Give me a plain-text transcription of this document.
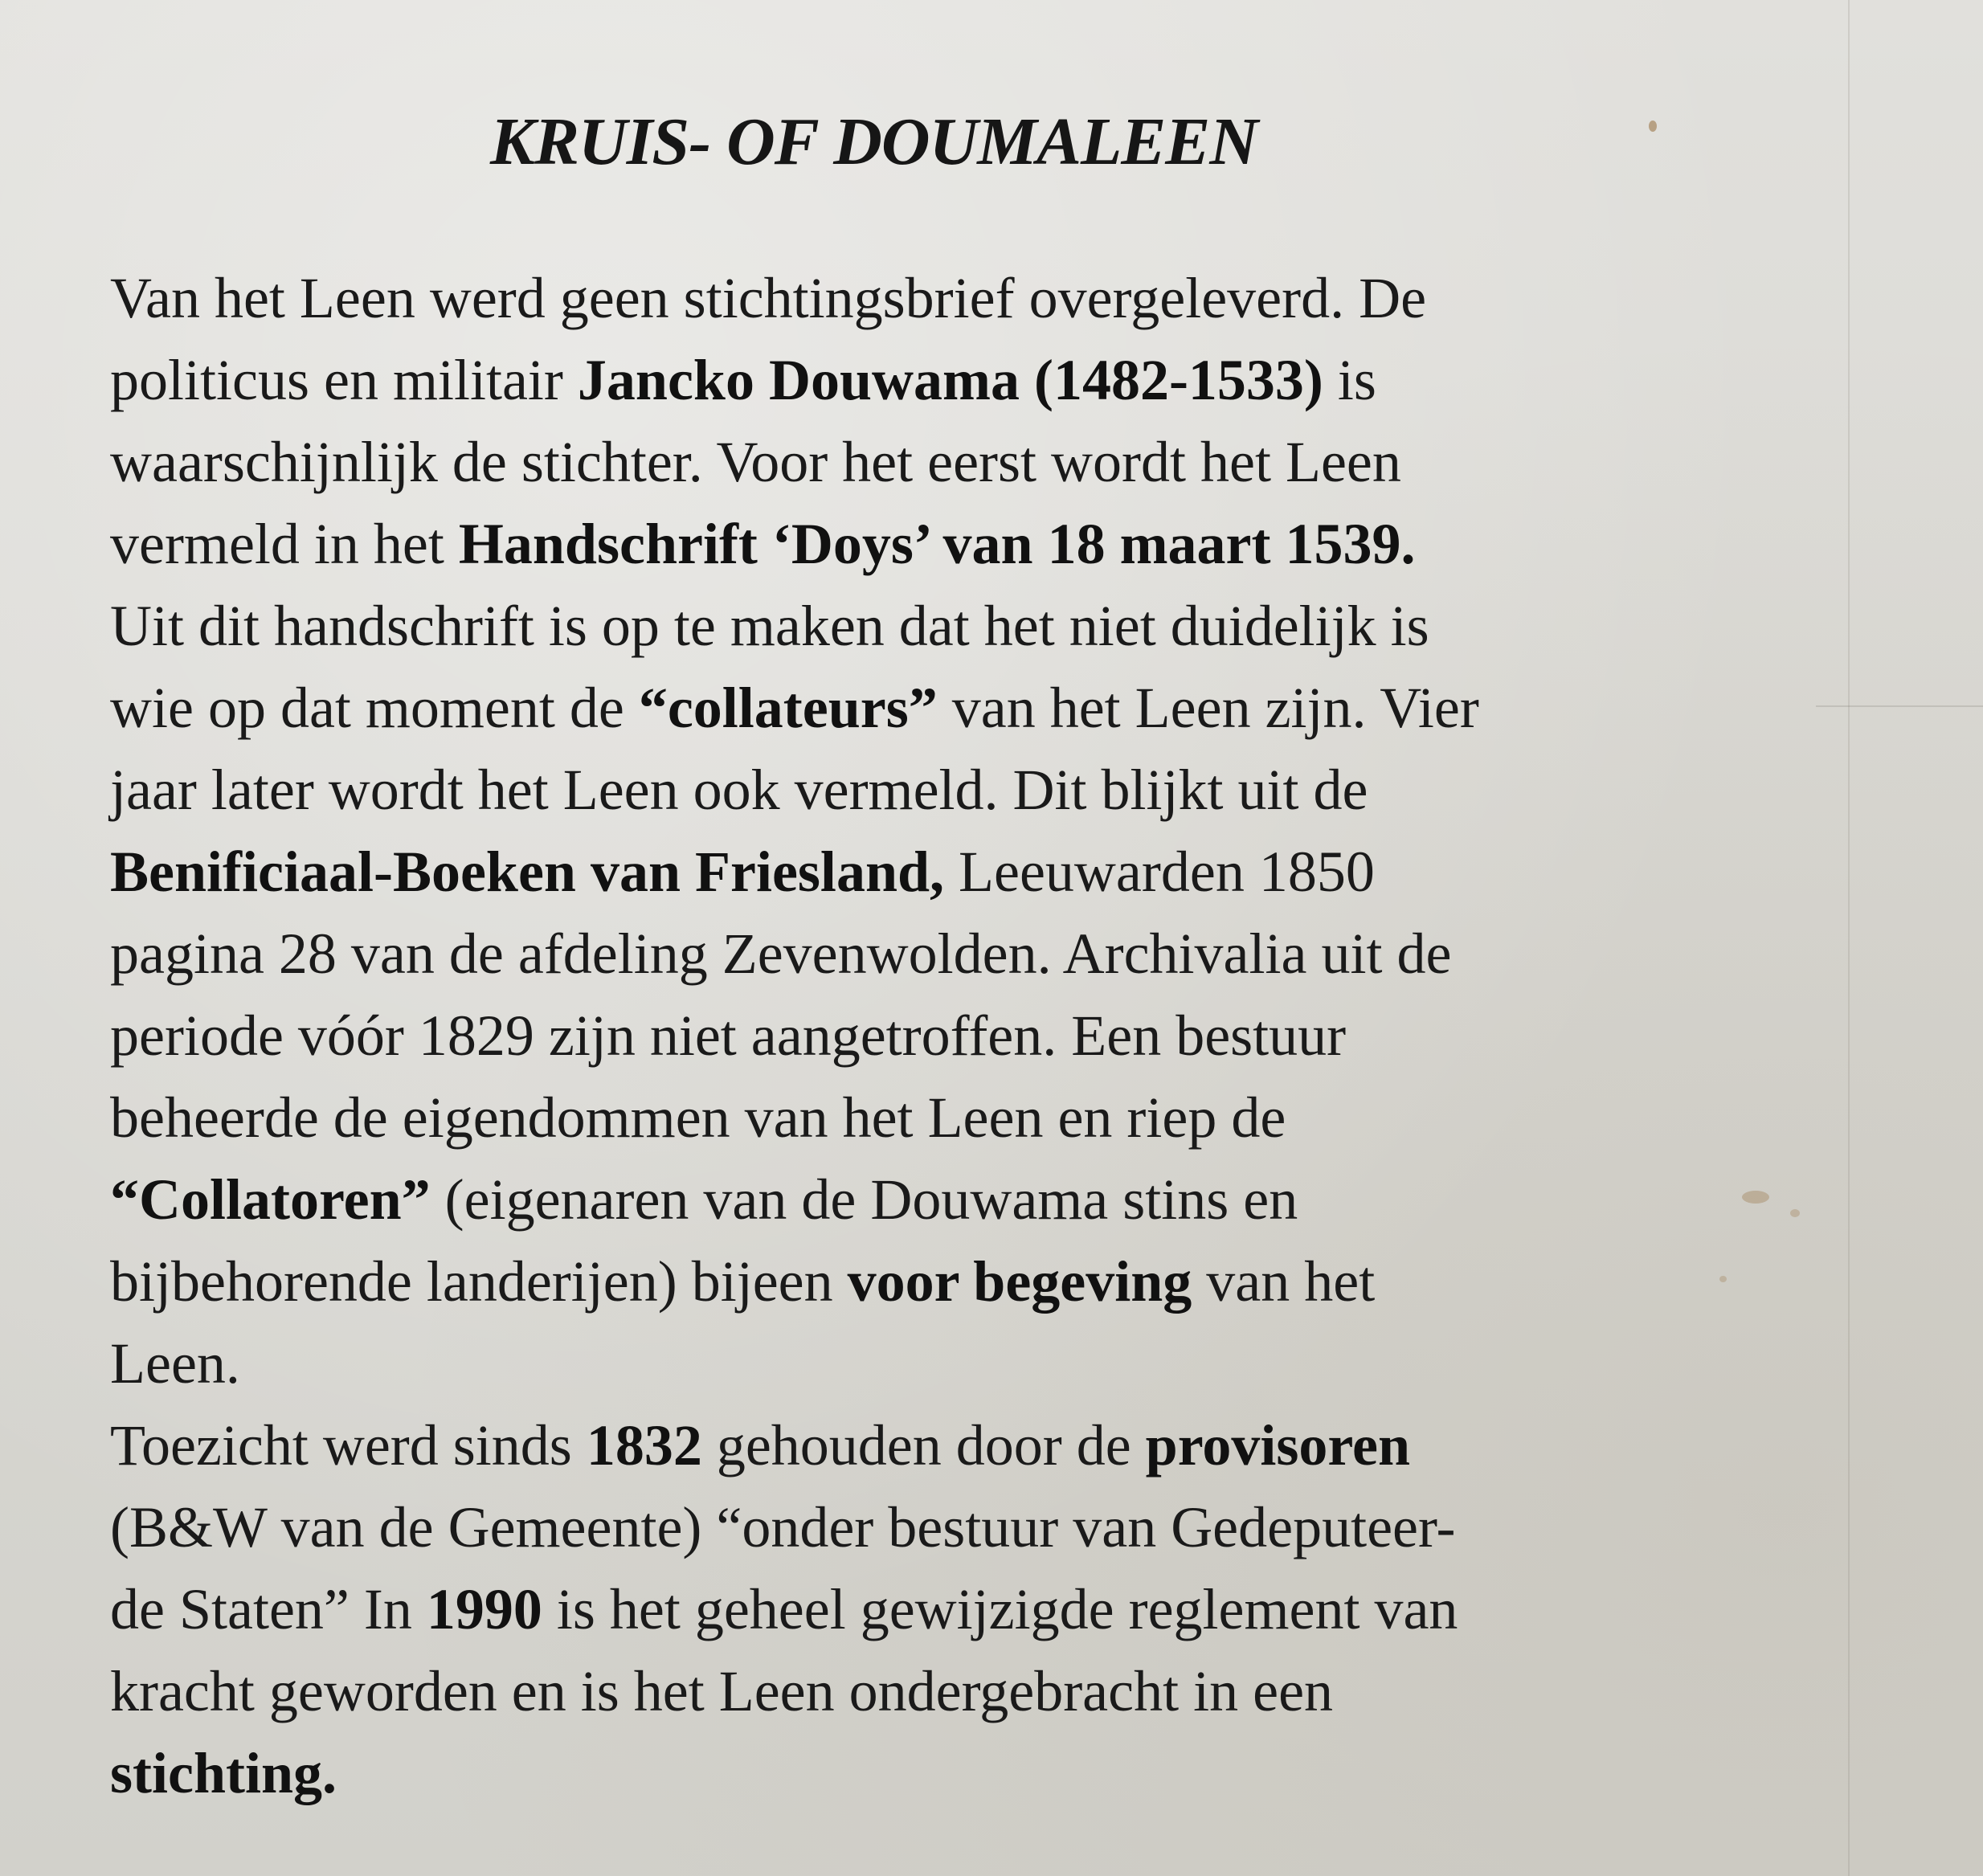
KRUIS- OF DOUMALEEN
Van het Leen werd geen stichtingsbrief overgeleverd. De
politicus en militair Jancko Douwama (1482-1533) is
waarschijnlijk de stichter. Voor het eerst wordt het Leen
vermeld in het Handschrift ‘Doys’ van 18 maart 1539.
Uit dit handschrift is op te maken dat het niet duidelijk is
wie op dat moment de “collateurs” van het Leen zijn. Vier
jaar later wordt het Leen ook vermeld. Dit blijkt uit de
Benificiaal-Boeken van Friesland, Leeuwarden 1850
pagina 28 van de afdeling Zevenwolden. Archivalia uit de
periode vóór 1829 zijn niet aangetroffen. Een bestuur
beheerde de eigendommen van het Leen en riep de
“Collatoren” (eigenaren van de Douwama stins en
bijbehorende landerijen) bijeen voor begeving van het
Leen.
Toezicht werd sinds 1832 gehouden door de provisoren
(B&W van de Gemeente) “onder bestuur van Gedeputeer-
de Staten” In 1990 is het geheel gewijzigde reglement van
kracht geworden en is het Leen ondergebracht in een
stichting.
